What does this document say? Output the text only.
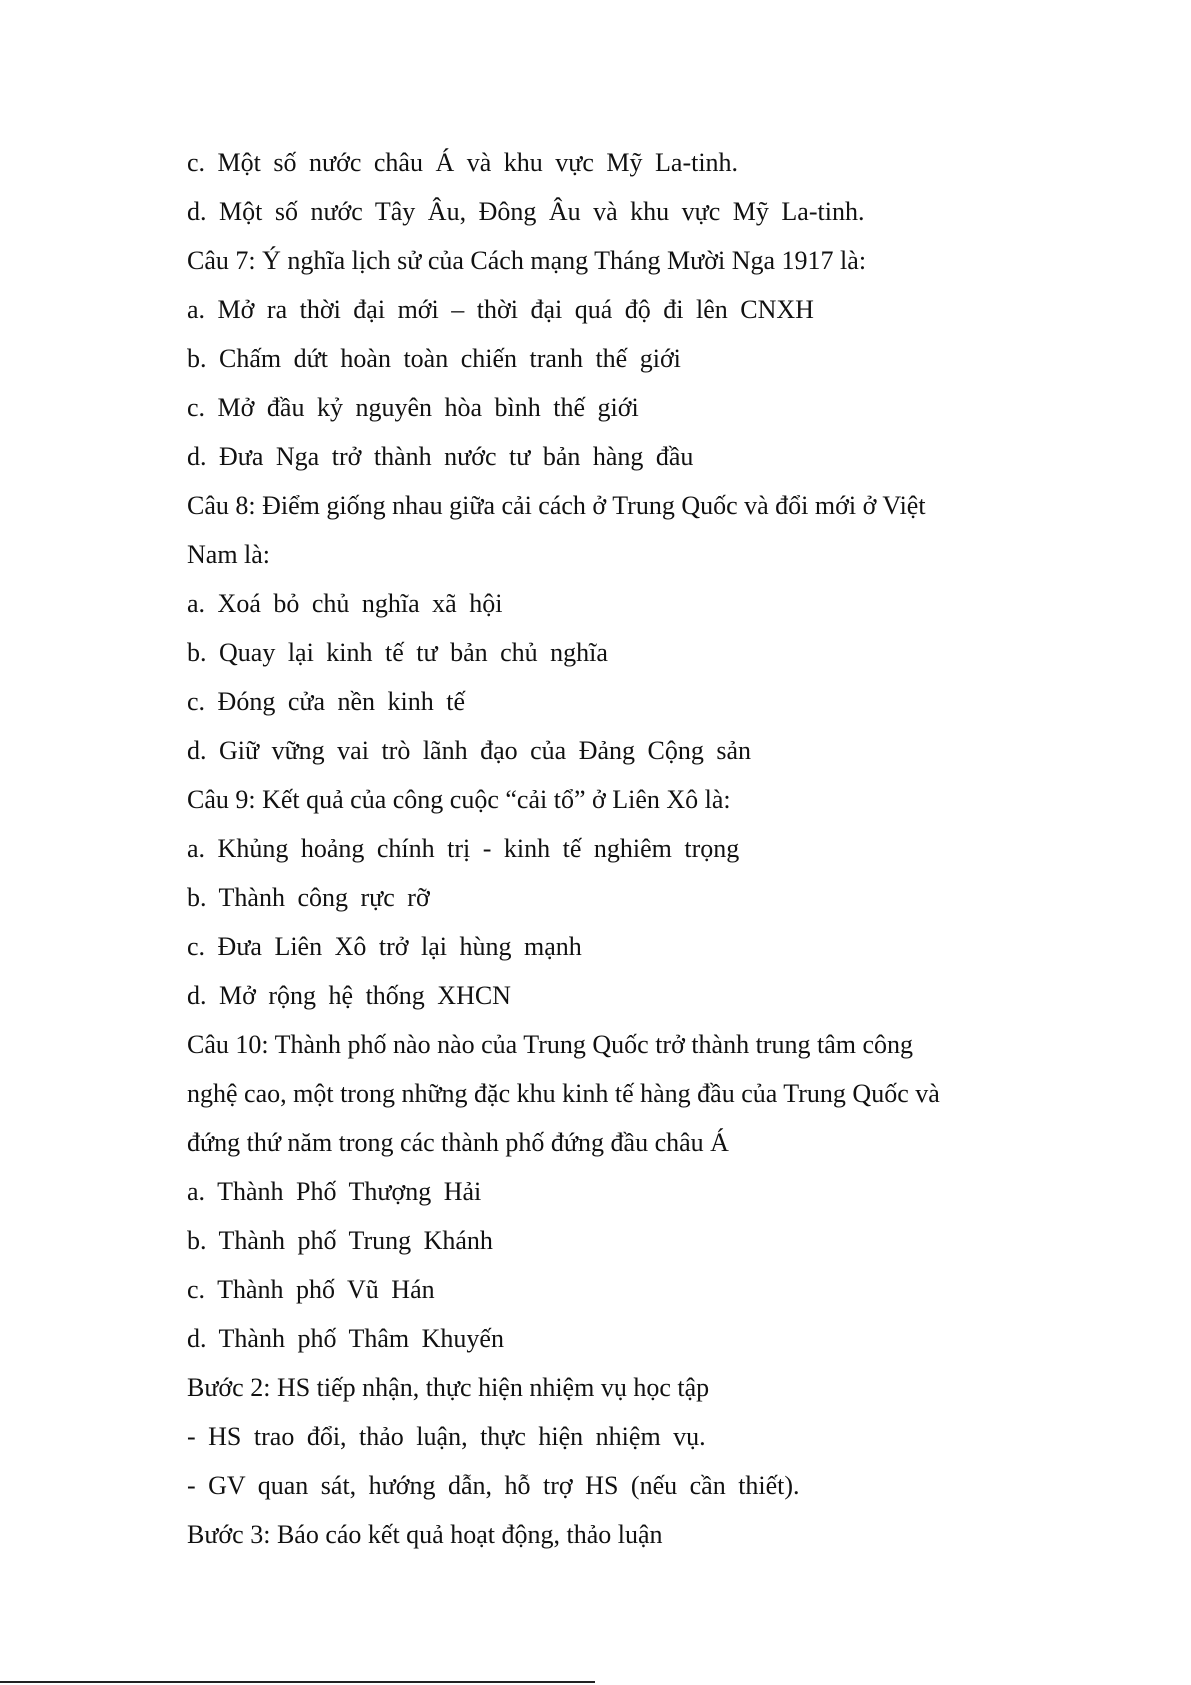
c. Một số nước châu Á và khu vực Mỹ La-tinh.
d. Một số nước Tây Âu, Đông Âu và khu vực Mỹ La-tinh.
Câu 7: Ý nghĩa lịch sử của Cách mạng Tháng Mười Nga 1917 là:
a. Mở ra thời đại mới – thời đại quá độ đi lên CNXH
b. Chấm dứt hoàn toàn chiến tranh thế giới
c. Mở đầu kỷ nguyên hòa bình thế giới
d. Đưa Nga trở thành nước tư bản hàng đầu
Câu 8: Điểm giống nhau giữa cải cách ở Trung Quốc và đổi mới ở Việt
Nam là:
a. Xoá bỏ chủ nghĩa xã hội
b. Quay lại kinh tế tư bản chủ nghĩa
c. Đóng cửa nền kinh tế
d. Giữ vững vai trò lãnh đạo của Đảng Cộng sản
Câu 9: Kết quả của công cuộc “cải tổ” ở Liên Xô là:
a. Khủng hoảng chính trị - kinh tế nghiêm trọng
b. Thành công rực rỡ
c. Đưa Liên Xô trở lại hùng mạnh
d. Mở rộng hệ thống XHCN
Câu 10: Thành phố nào nào của Trung Quốc trở thành trung tâm công
nghệ cao, một trong những đặc khu kinh tế hàng đầu của Trung Quốc và
đứng thứ năm trong các thành phố đứng đầu châu Á
a. Thành Phố Thượng Hải
b. Thành phố Trung Khánh
c. Thành phố Vũ Hán
d. Thành phố Thâm Khuyến
Bước 2: HS tiếp nhận, thực hiện nhiệm vụ học tập
- HS trao đổi, thảo luận, thực hiện nhiệm vụ.
- GV quan sát, hướng dẫn, hỗ trợ HS (nếu cần thiết).
Bước 3: Báo cáo kết quả hoạt động, thảo luận
